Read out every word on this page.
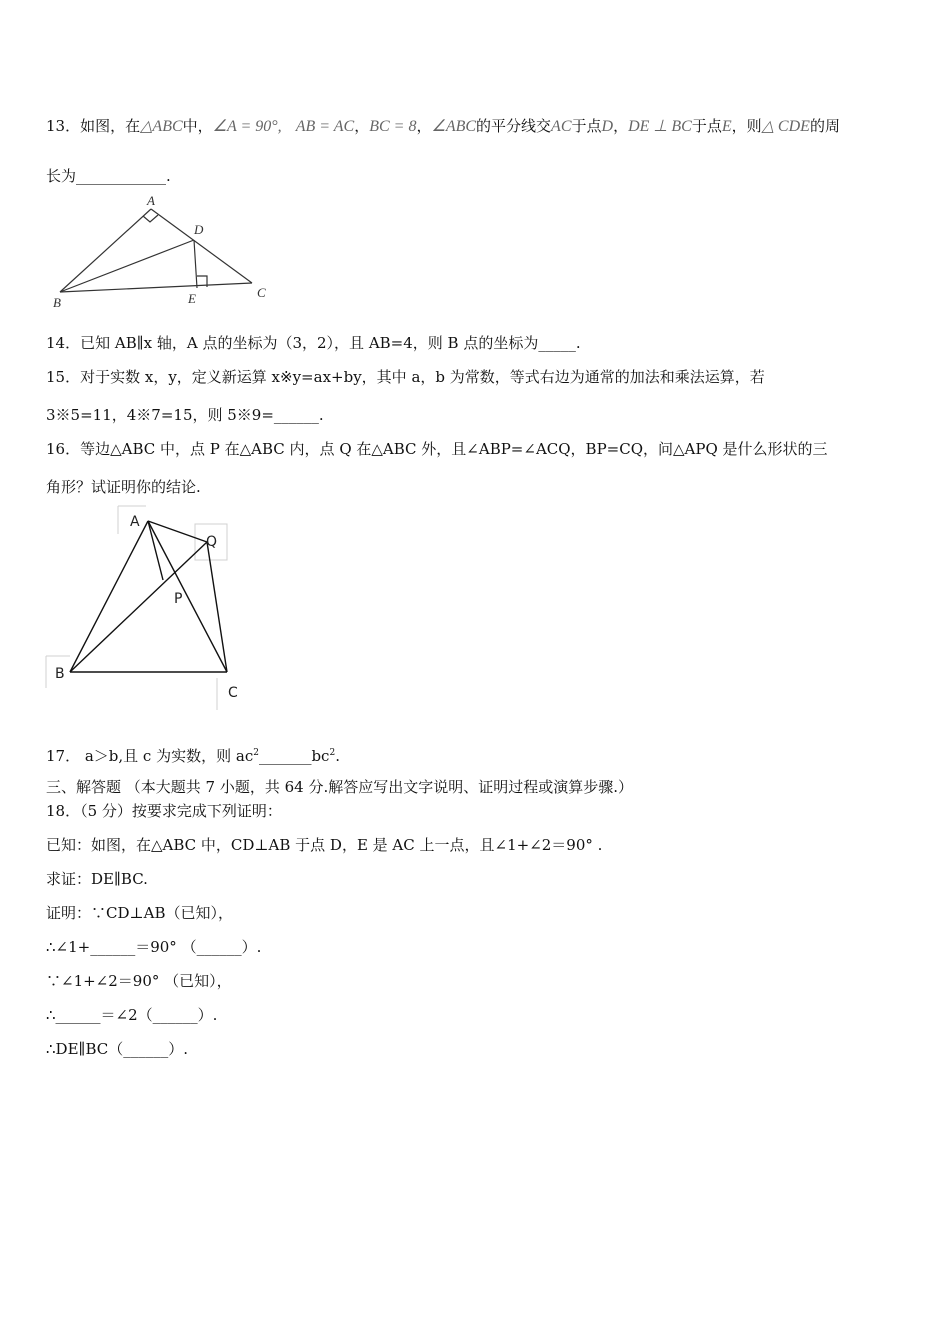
13．如图，在△ABC中，∠A = 90°, AB = AC，BC = 8，∠ABC的平分线交AC于点D，DE ⊥ BC于点E，则△ CDE的周
长为____________.
A
D
B	E	C
14．已知 AB∥x 轴，A 点的坐标为（3，2），且 AB=4，则 B 点的坐标为_____.
15．对于实数 x，y，定义新运算 x※y=ax+by，其中 a，b 为常数，等式右边为通常的加法和乘法运算，若
3※5=11，4※7=15，则 5※9=______.
16．等边△ABC 中，点 P 在△ABC 内，点 Q 在△ABC 外，且∠ABP=∠ACQ，BP=CQ，问△APQ 是什么形状的三
角形？试证明你的结论.
A
Q
P
B
C
17． a＞b,且 c 为实数，则 $ac^2\_\_\_\_\_\_\_bc^2$.
三、解答题 （本大题共 7 小题，共 64 分.解答应写出文字说明、证明过程或演算步骤.）
18．（5 分）按要求完成下列证明：
已知：如图，在△ABC 中，CD⊥AB 于点 D，E 是 AC 上一点，且∠1+∠2＝90° .
求证：DE∥BC.
证明：∵CD⊥AB（已知），
∴∠1+______＝90° （______）.
∵∠1+∠2＝90° （已知），
∴______＝∠2（______）.
∴DE∥BC（______）.
